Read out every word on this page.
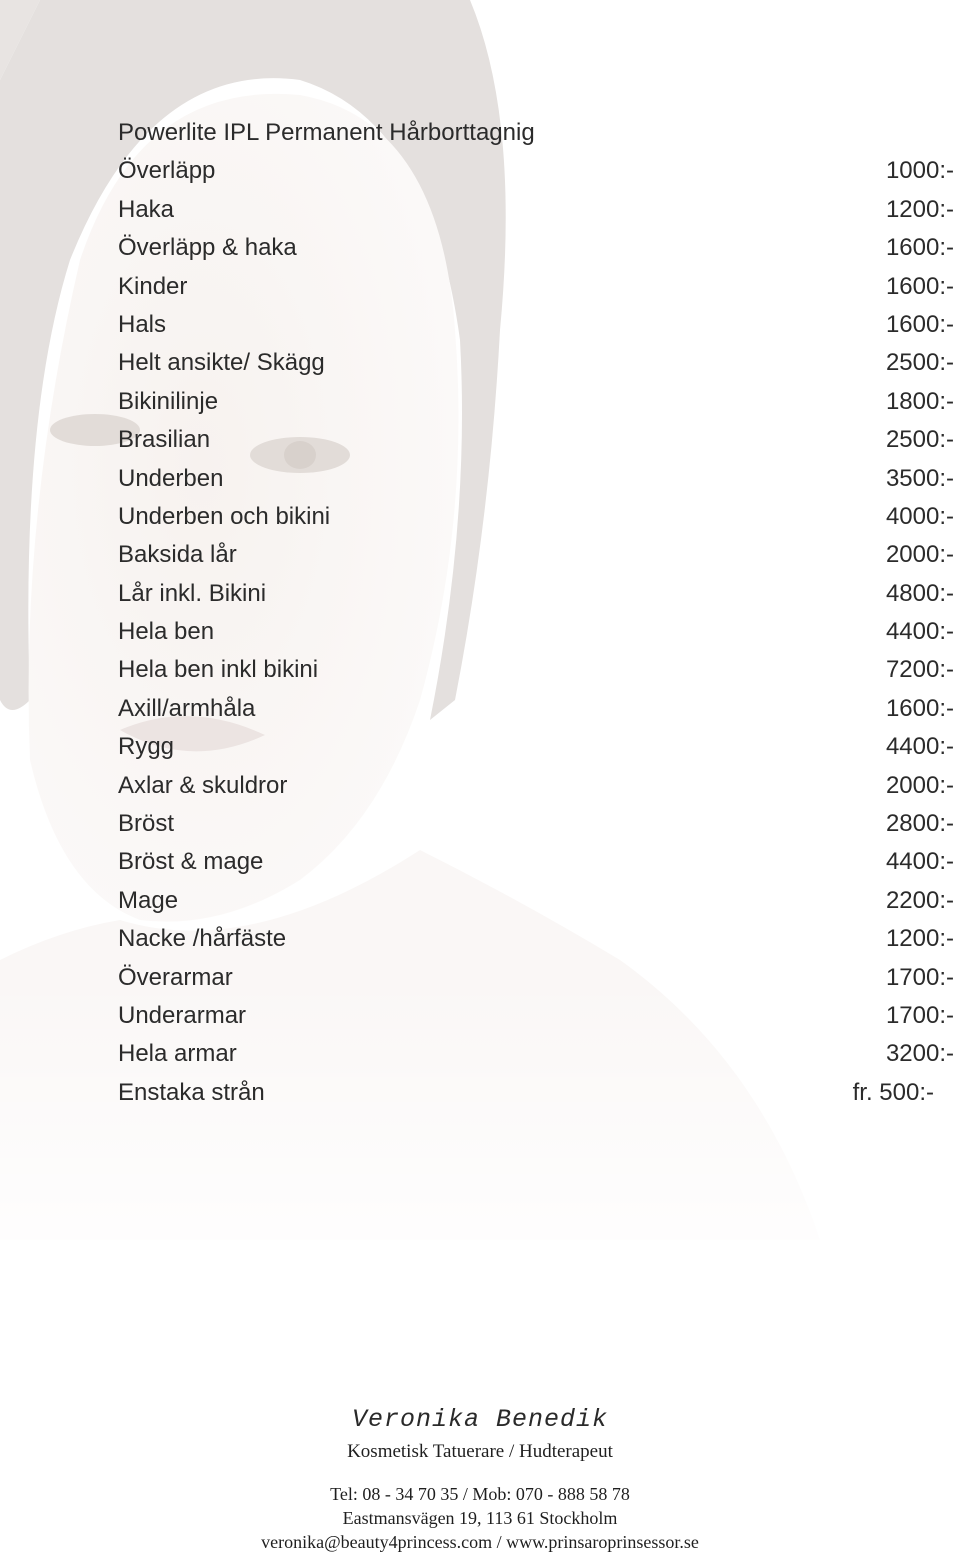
Powerlite IPL Permanent Hårborttagnig
Överläpp	1000:-
Haka	1200:-
Överläpp & haka	1600:-
Kinder	1600:-
Hals	1600:-
Helt ansikte/ Skägg	2500:-
Bikinilinje	1800:-
Brasilian	2500:-
Underben	3500:-
Underben och bikini	4000:-
Baksida lår	2000:-
Lår inkl. Bikini	4800:-
Hela ben	4400:-
Hela ben inkl bikini	7200:-
Axill/armhåla	1600:-
Rygg	4400:-
Axlar & skuldror	2000:-
Bröst	2800:-
Bröst & mage	4400:-
Mage	2200:-
Nacke /hårfäste	1200:-
Överarmar	1700:-
Underarmar	1700:-
Hela armar	3200:-
Enstaka strån	fr. 500:-
Veronika Benedik
Kosmetisk Tatuerare / Hudterapeut
Tel: 08 - 34 70 35 / Mob: 070 - 888 58 78
Eastmansvägen 19, 113 61 Stockholm
veronika@beauty4princess.com / www.prinsaroprinsessor.se
